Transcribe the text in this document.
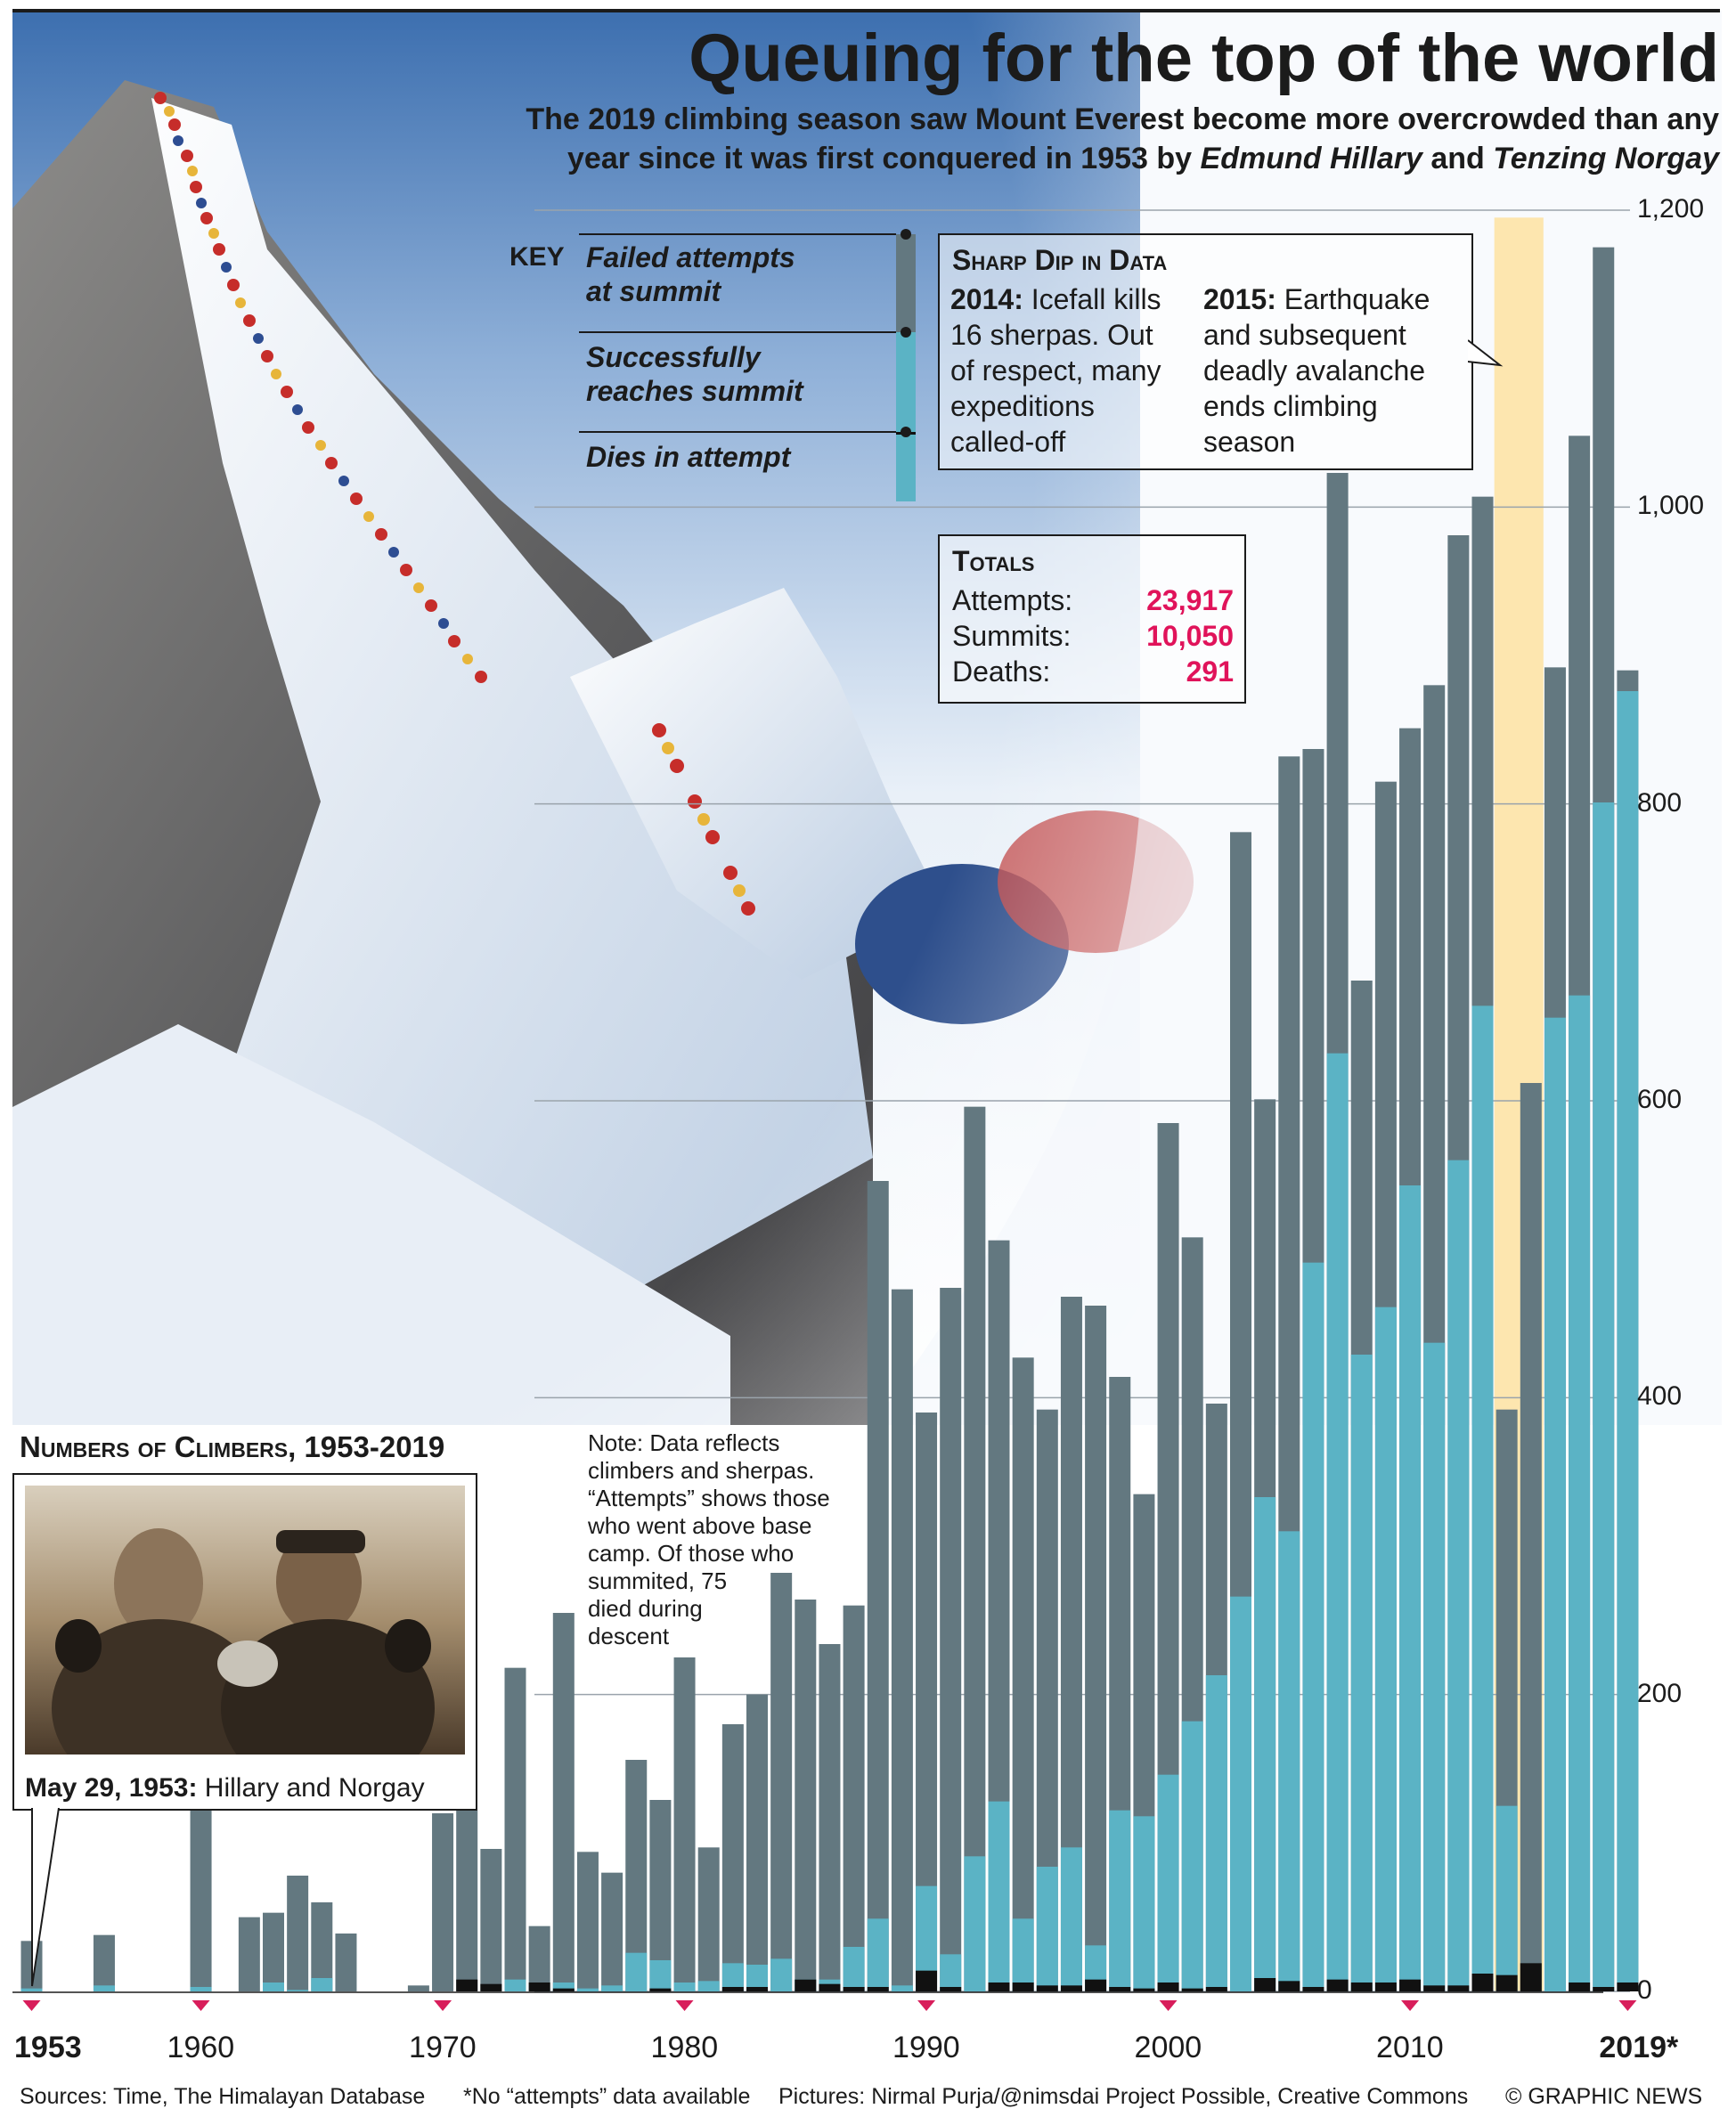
Queuing for the top of the world
The 2019 climbing season saw Mount Everest become more overcrowded than any
year since it was first conquered in 1953 by Edmund Hillary and Tenzing Norgay
0
200
400
600
800
1,000
1,200
1953	1960	1970	1980	1990	2000	2010	2019*
KEY Failed attempts
at summit
Successfully
reaches summit
Dies in attempt
Sharp Dip in Data
2014: Icefall kills
16 sherpas. Out
of respect, many
expeditions
called-off
2015: Earthquake
and subsequent
deadly avalanche
ends climbing
season
Totals
Attempts:	23,917
Summits:	10,050
Deaths:	291
Numbers of Climbers, 1953-2019	Note: Data reflects
climbers and sherpas.
“Attempts” shows those
who went above base
camp. Of those who
summited, 75
died during
descent
May 29, 1953: Hillary and Norgay
Sources: Time, The Himalayan Database *No “attempts” data available Pictures: Nirmal Purja/@nimsdai Project Possible, Creative Commons © GRAPHIC NEWS
